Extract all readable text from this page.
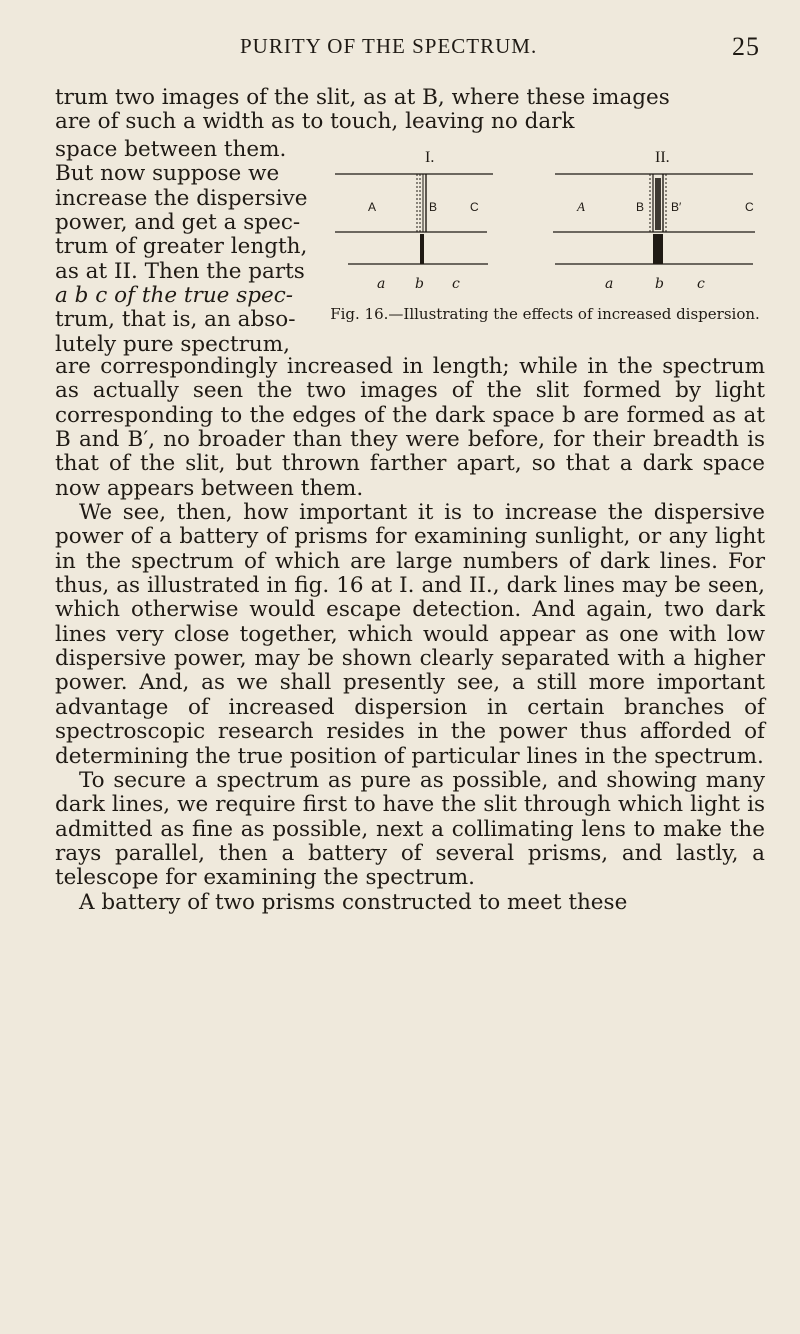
PURITY OF THE SPECTRUM.	25

trum two images of the slit, as at B, where these images

are of such a width as to touch, leaving no dark

space between them.
But now suppose we
increase the dispersive
power, and get a spec-
trum of greater length,
as at II. Then the parts
a b c of the true spec-
trum, that is, an abso-
lutely pure spectrum,
I.
A	B	C
a b c
II.
A	B B′	C
a	b c
Fig. 16.—Illustrating the effects of increased dispersion.

are correspondingly increased in length; while in the spectrum as actually seen the two images of the slit formed by light corresponding to the edges of the dark space b are formed as at B and B′, no broader than they were before, for their breadth is that of the slit, but thrown farther apart, so that a dark space now appears between them.

We see, then, how important it is to increase the dispersive power of a battery of prisms for examining sunlight, or any light in the spectrum of which are large numbers of dark lines. For thus, as illustrated in fig. 16 at I. and II., dark lines may be seen, which otherwise would escape detection. And again, two dark lines very close together, which would appear as one with low dispersive power, may be shown clearly separated with a higher power. And, as we shall presently see, a still more important advantage of increased dispersion in certain branches of spectroscopic research resides in the power thus afforded of determining the true position of particular lines in the spectrum.

To secure a spectrum as pure as possible, and showing many dark lines, we require first to have the slit through which light is admitted as fine as possible, next a collimating lens to make the rays parallel, then a battery of several prisms, and lastly, a telescope for examining the spectrum.

A battery of two prisms constructed to meet these
